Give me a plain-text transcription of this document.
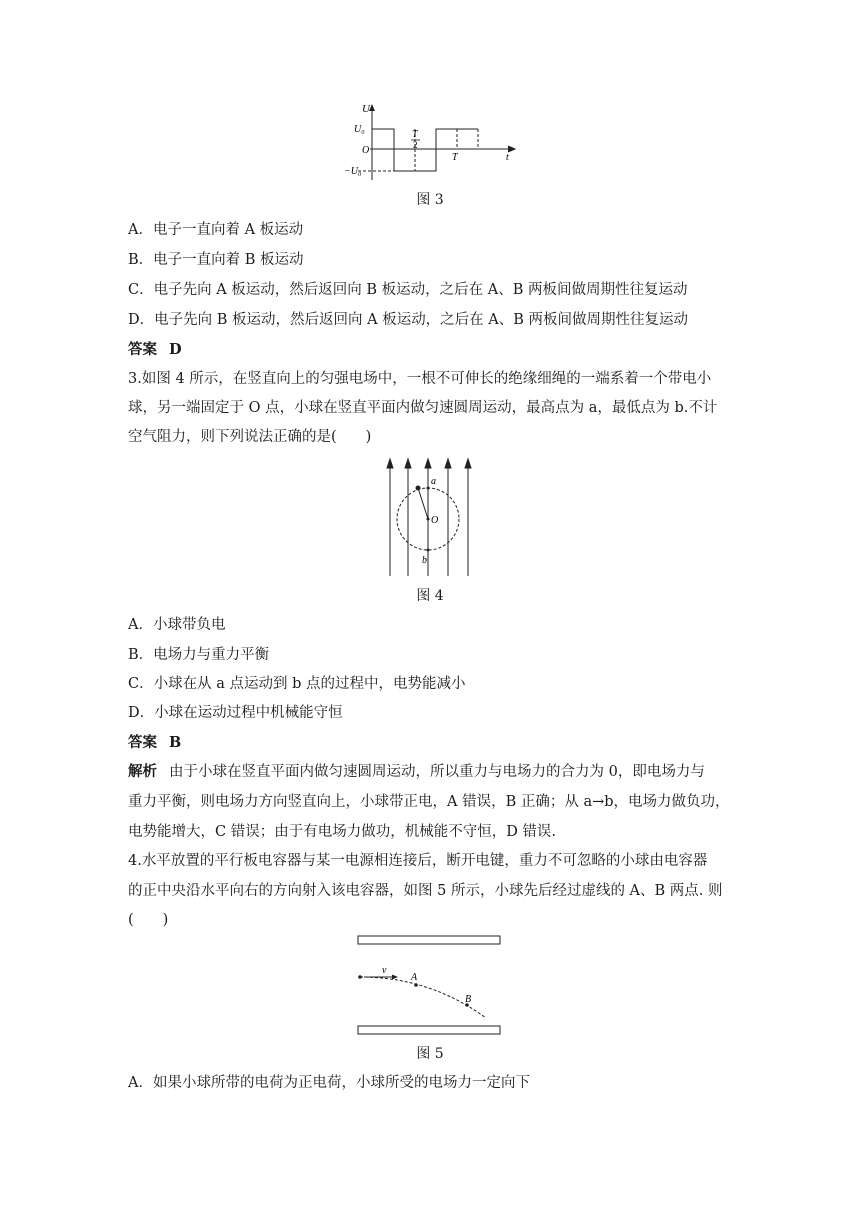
U
U₀
O
−U₀
t
T
2
T
图 3
A．电子一直向着 A 板运动
B．电子一直向着 B 板运动
C．电子先向 A 板运动，然后返回向 B 板运动，之后在 A、B 两板间做周期性往复运动
D．电子先向 B 板运动，然后返回向 A 板运动，之后在 A、B 两板间做周期性往复运动
答案 D
3.如图 4 所示，在竖直向上的匀强电场中，一根不可伸长的绝缘细绳的一端系着一个带电小
球，另一端固定于 O 点，小球在竖直平面内做匀速圆周运动，最高点为 a，最低点为 b.不计
空气阻力，则下列说法正确的是(　　)
a
O
b
图 4
A．小球带负电
B．电场力与重力平衡
C．小球在从 a 点运动到 b 点的过程中，电势能减小
D．小球在运动过程中机械能守恒
答案 B
解析 由于小球在竖直平面内做匀速圆周运动，所以重力与电场力的合力为 0，即电场力与
重力平衡，则电场力方向竖直向上，小球带正电，A 错误，B 正确；从 a→b，电场力做负功，
电势能增大，C 错误；由于有电场力做功，机械能不守恒，D 错误.
4.水平放置的平行板电容器与某一电源相连接后，断开电键，重力不可忽略的小球由电容器
的正中央沿水平向右的方向射入该电容器，如图 5 所示，小球先后经过虚线的 A、B 两点. 则
(　　)
v
A
B
图 5
A．如果小球所带的电荷为正电荷，小球所受的电场力一定向下
